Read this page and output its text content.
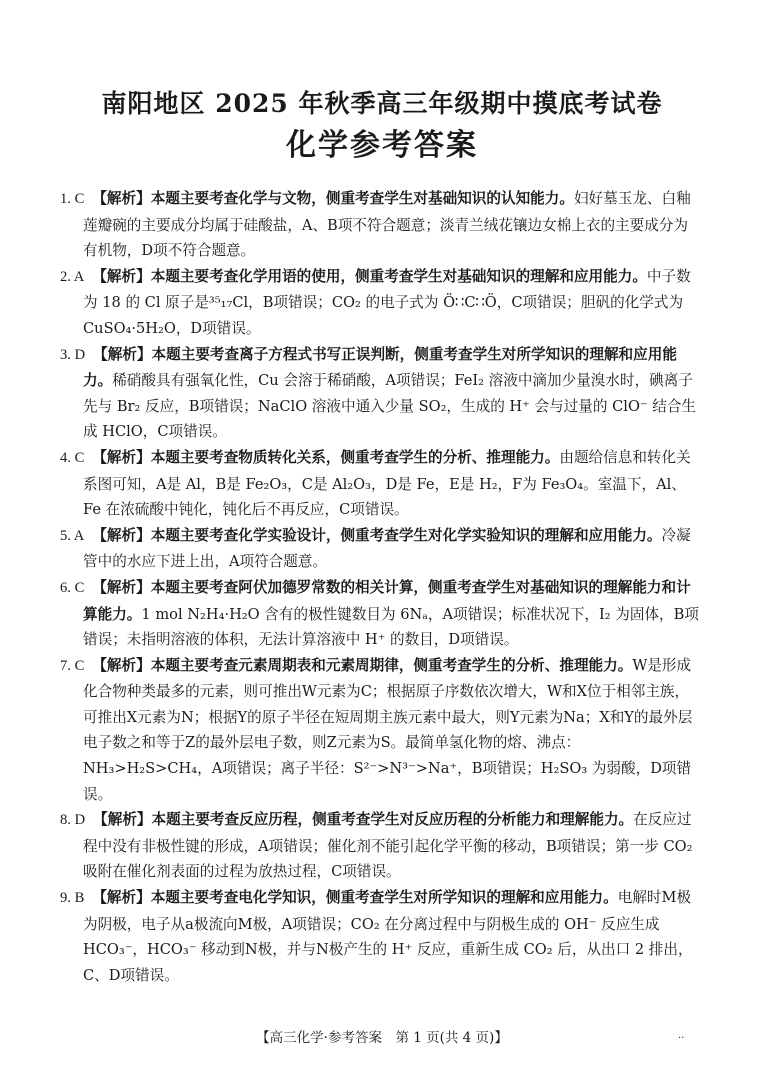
南阳地区 2025 年秋季高三年级期中摸底考试卷
化学参考答案

1. C 【解析】本题主要考查化学与文物，侧重考查学生对基础知识的认知能力。妇好墓玉龙、白釉莲瓣碗的主要成分均属于硅酸盐，A、B项不符合题意；淡青兰绒花镶边女棉上衣的主要成分为有机物，D项不符合题意。

2. A 【解析】本题主要考查化学用语的使用，侧重考查学生对基础知识的理解和应用能力。中子数为 18 的 Cl 原子是³⁵₁₇Cl，B项错误；CO₂ 的电子式为 Ö∷C∷Ö，C项错误；胆矾的化学式为 CuSO₄·5H₂O，D项错误。

3. D 【解析】本题主要考查离子方程式书写正误判断，侧重考查学生对所学知识的理解和应用能力。稀硝酸具有强氧化性，Cu 会溶于稀硝酸，A项错误；FeI₂ 溶液中滴加少量溴水时，碘离子先与 Br₂ 反应，B项错误；NaClO 溶液中通入少量 SO₂，生成的 H⁺ 会与过量的 ClO⁻ 结合生成 HClO，C项错误。

4. C 【解析】本题主要考查物质转化关系，侧重考查学生的分析、推理能力。由题给信息和转化关系图可知，A是 Al，B是 Fe₂O₃，C是 Al₂O₃，D是 Fe，E是 H₂，F为 Fe₃O₄。室温下，Al、Fe 在浓硫酸中钝化，钝化后不再反应，C项错误。

5. A 【解析】本题主要考查化学实验设计，侧重考查学生对化学实验知识的理解和应用能力。冷凝管中的水应下进上出，A项符合题意。

6. C 【解析】本题主要考查阿伏加德罗常数的相关计算，侧重考查学生对基础知识的理解能力和计算能力。1 mol N₂H₄·H₂O 含有的极性键数目为 6Nₐ，A项错误；标准状况下，I₂ 为固体，B项错误；未指明溶液的体积，无法计算溶液中 H⁺ 的数目，D项错误。

7. C 【解析】本题主要考查元素周期表和元素周期律，侧重考查学生的分析、推理能力。W是形成化合物种类最多的元素，则可推出W元素为C；根据原子序数依次增大，W和X位于相邻主族，可推出X元素为N；根据Y的原子半径在短周期主族元素中最大，则Y元素为Na；X和Y的最外层电子数之和等于Z的最外层电子数，则Z元素为S。最简单氢化物的熔、沸点：NH₃>H₂S>CH₄，A项错误；离子半径：S²⁻>N³⁻>Na⁺，B项错误；H₂SO₃ 为弱酸，D项错误。

8. D 【解析】本题主要考查反应历程，侧重考查学生对反应历程的分析能力和理解能力。在反应过程中没有非极性键的形成，A项错误；催化剂不能引起化学平衡的移动，B项错误；第一步 CO₂ 吸附在催化剂表面的过程为放热过程，C项错误。

9. B 【解析】本题主要考查电化学知识，侧重考查学生对所学知识的理解和应用能力。电解时M极为阴极，电子从a极流向M极，A项错误；CO₂ 在分离过程中与阴极生成的 OH⁻ 反应生成 HCO₃⁻，HCO₃⁻ 移动到N极，并与N极产生的 H⁺ 反应，重新生成 CO₂ 后，从出口 2 排出，C、D项错误。

【高三化学·参考答案　第 1 页(共 4 页)】	..
